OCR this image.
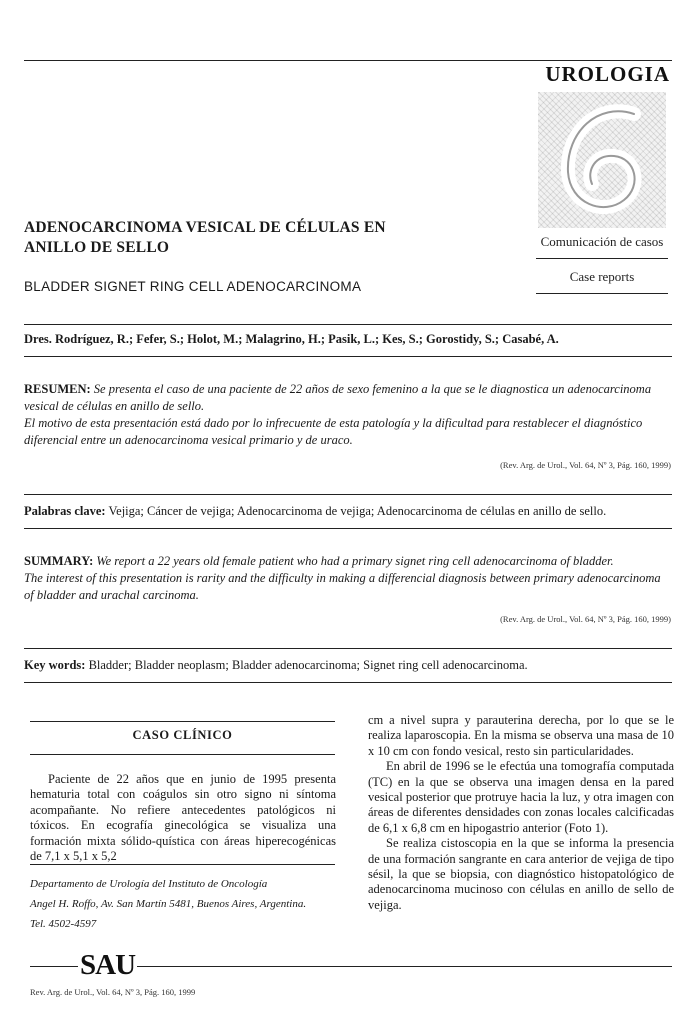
UROLOGIA
Comunicación de casos
Case reports
ADENOCARCINOMA VESICAL DE CÉLULAS EN
ANILLO DE SELLO
BLADDER SIGNET RING CELL ADENOCARCINOMA
Dres. Rodríguez, R.; Fefer, S.; Holot, M.; Malagrino, H.; Pasik, L.; Kes, S.; Gorostidy, S.; Casabé, A.
RESUMEN: Se presenta el caso de una paciente de 22 años de sexo femenino a la que se le diagnostica un adenocarcinoma vesical de células en anillo de sello.
El motivo de esta presentación está dado por lo infrecuente de esta patología y la dificultad para restablecer el diagnóstico diferencial entre un adenocarcinoma vesical primario y de uraco.
(Rev. Arg. de Urol., Vol. 64, Nº 3, Pág. 160, 1999)
Palabras clave: Vejiga; Cáncer de vejiga; Adenocarcinoma de vejiga; Adenocarcinoma de células en anillo de sello.
SUMMARY: We report a 22 years old female patient who had a primary signet ring cell adenocarcinoma of bladder.
The interest of this presentation is rarity and the difficulty in making a differencial diagnosis between primary adenocarcinoma of bladder and urachal carcinoma.
(Rev. Arg. de Urol., Vol. 64, Nº 3, Pág. 160, 1999)
Key words: Bladder; Bladder neoplasm; Bladder adenocarcinoma; Signet ring cell adenocarcinoma.
CASO CLÍNICO

Paciente de 22 años que en junio de 1995 presenta hematuria total con coágulos sin otro signo ni síntoma acompañante. No refiere antecedentes patológicos ni tóxicos. En ecografía ginecológica se visualiza una formación mixta sólido-quística con áreas hiperecogénicas de 7,1 x 5,1 x 5,2

Departamento de Urología del Instituto de Oncología
Angel H. Roffo, Av. San Martín 5481, Buenos Aires, Argentina.
Tel. 4502-4597

cm a nivel supra y parauterina derecha, por lo que se le realiza laparoscopia. En la misma se observa una masa de 10 x 10 cm con fondo vesical, resto sin particularidades.

En abril de 1996 se le efectúa una tomografía computada (TC) en la que se observa una imagen densa en la pared vesical posterior que protruye hacia la luz, y otra imagen con áreas de diferentes densidades con zonas locales calcificadas de 6,1 x 6,8 cm en hipogastrio anterior (Foto 1).

Se realiza cistoscopia en la que se informa la presencia de una formación sangrante en cara anterior de vejiga de tipo sésil, la que se biopsia, con diagnóstico histopatológico de adenocarcinoma mucinoso con células en anillo de sello de vejiga.

SAU
Rev. Arg. de Urol., Vol. 64, Nº 3, Pág. 160, 1999
